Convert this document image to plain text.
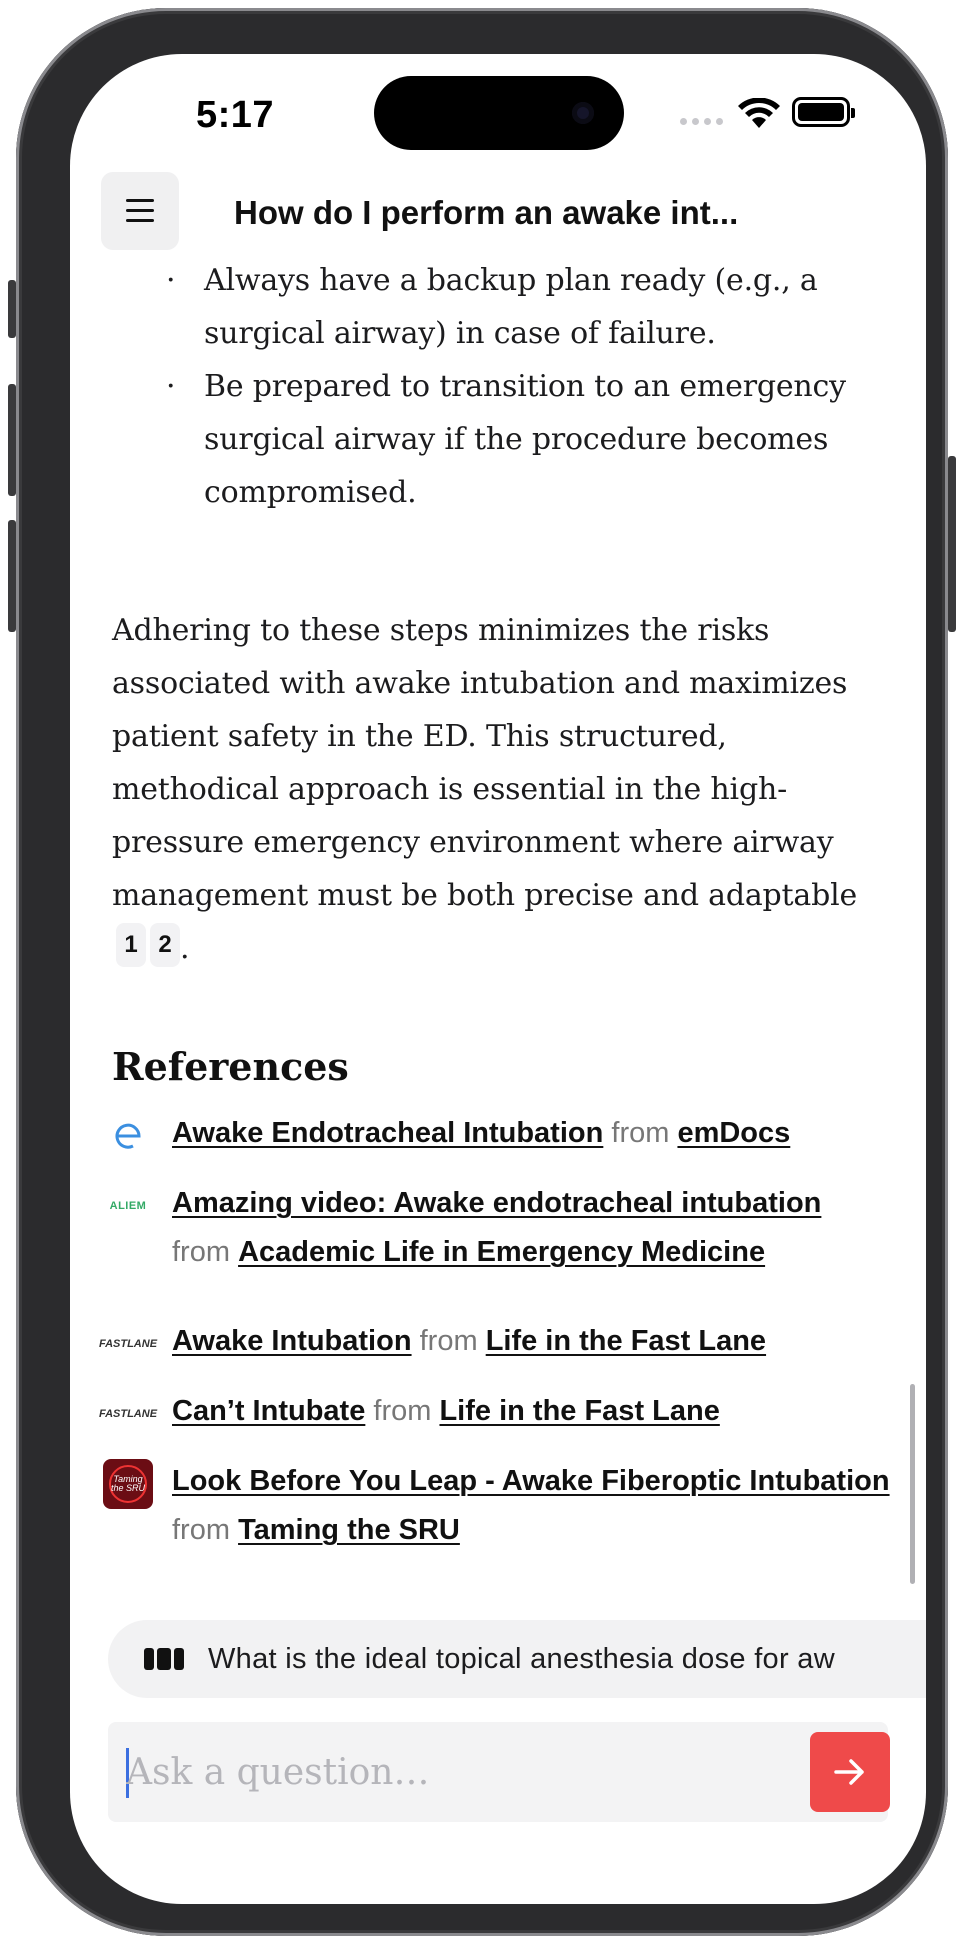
5:17
How do I perform an awake int...
· Always have a backup plan ready (e.g., a surgical airway) in case of failure.
· Be prepared to transition to an emergency surgical airway if the procedure becomes compromised.
Adhering to these steps minimizes the risks associated with awake intubation and maximizes patient safety in the ED. This structured, methodical approach is essential in the high-pressure emergency environment where airway management must be both precise and adaptable 1 2 .
References
Awake Endotracheal Intubation from emDocs
ALIEM Amazing video: Awake endotracheal intubation
from Academic Life in Emergency Medicine
FASTLANE Awake Intubation from Life in the Fast Lane
FASTLANE Can’t Intubate from Life in the Fast Lane
Taming the SRU Look Before You Leap - Awake Fiberoptic Intubation
from Taming the SRU
What is the ideal topical anesthesia dose for aw
Ask a question…
